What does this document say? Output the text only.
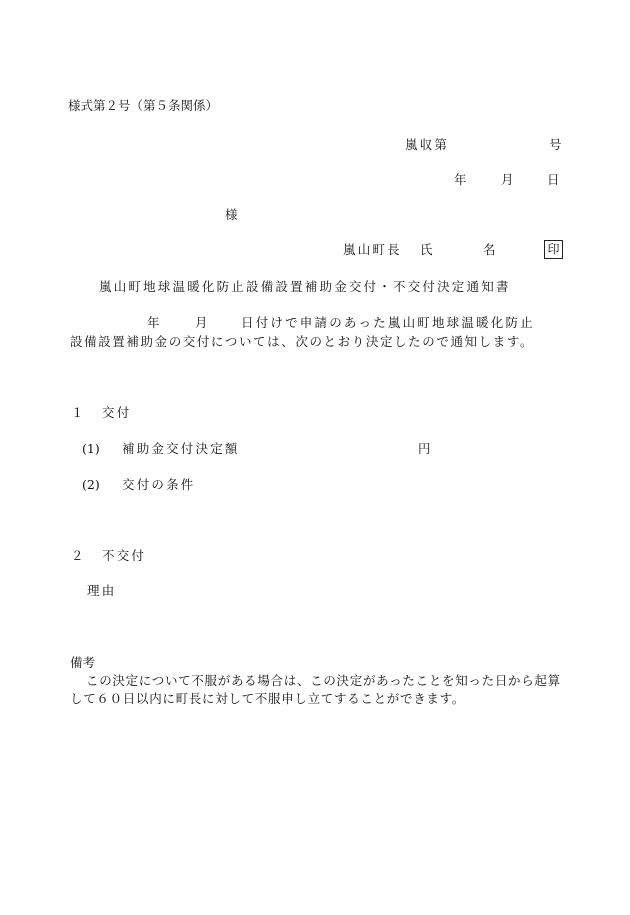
様式第２号（第５条関係）
嵐収第	号
年	月	日
様
嵐山町長 氏	名	印
嵐山町地球温暖化防止設備設置補助金交付・不交付決定通知書
年	月	日付けで申請のあった嵐山町地球温暖化防止
設備設置補助金の交付については、次のとおり決定したので通知します。
１ 交付
(1) 補助金交付決定額	円
(2) 交付の条件
２ 不交付
理由
備考
この決定について不服がある場合は、この決定があったことを知った日から起算
して６０日以内に町長に対して不服申し立てすることができます。
